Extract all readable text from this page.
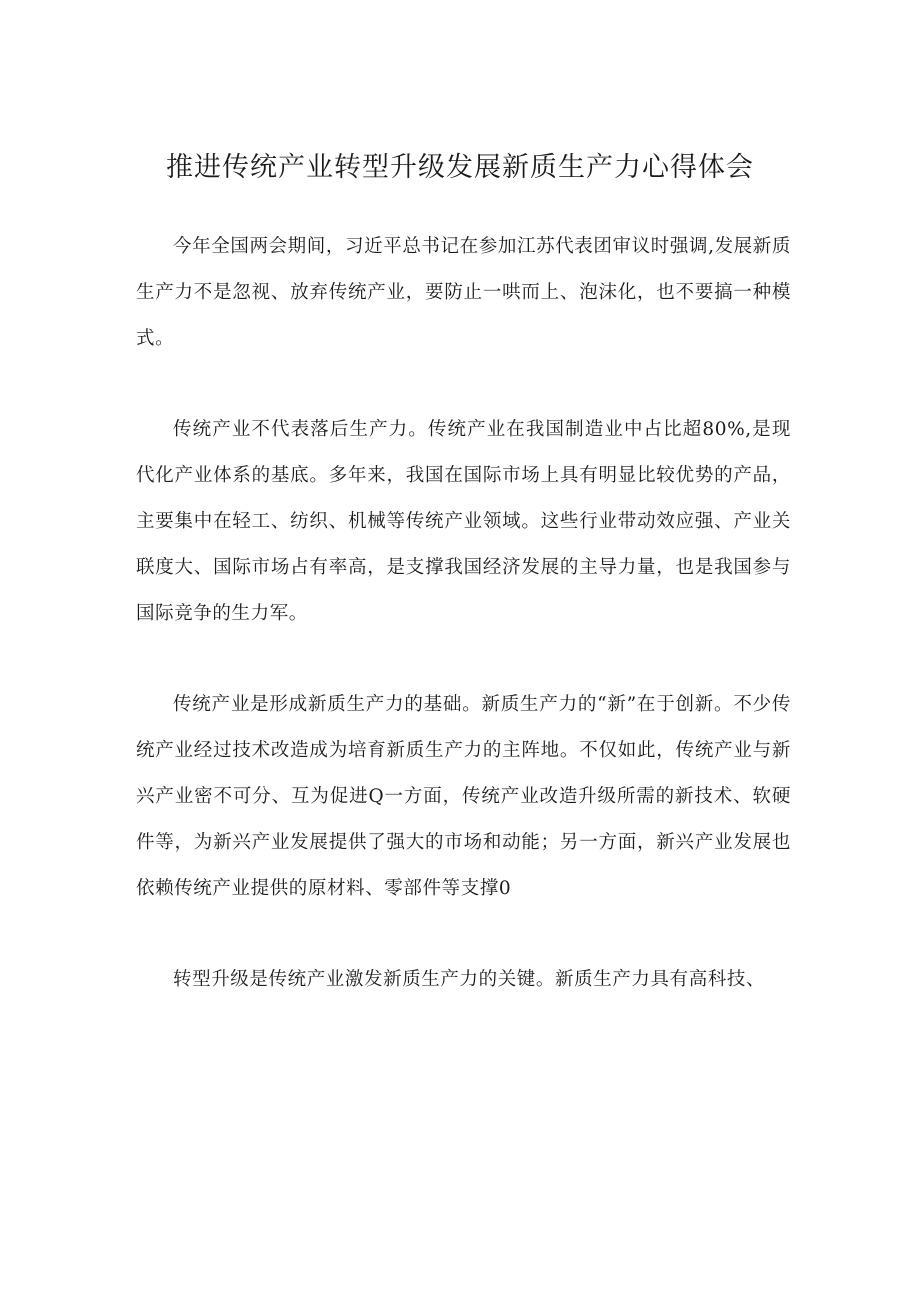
推进传统产业转型升级发展新质生产力心得体会

今年全国两会期间，习近平总书记在参加江苏代表团审议时强调,发展新质生产力不是忽视、放弃传统产业，要防止一哄而上、泡沫化，也不要搞一种模式。

传统产业不代表落后生产力。传统产业在我国制造业中占比超80%,是现代化产业体系的基底。多年来，我国在国际市场上具有明显比较优势的产品，主要集中在轻工、纺织、机械等传统产业领域。这些行业带动效应强、产业关联度大、国际市场占有率高，是支撑我国经济发展的主导力量，也是我国参与国际竞争的生力军。

传统产业是形成新质生产力的基础。新质生产力的“新”在于创新。不少传统产业经过技术改造成为培育新质生产力的主阵地。不仅如此，传统产业与新兴产业密不可分、互为促进Q一方面，传统产业改造升级所需的新技术、软硬件等，为新兴产业发展提供了强大的市场和动能；另一方面，新兴产业发展也依赖传统产业提供的原材料、零部件等支撑0

转型升级是传统产业激发新质生产力的关键。新质生产力具有高科技、
